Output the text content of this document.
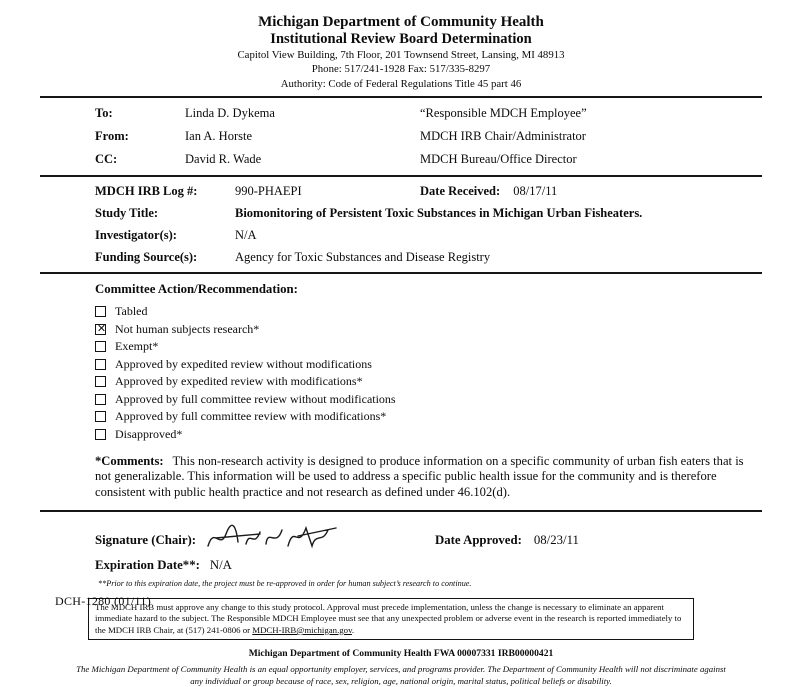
Michigan Department of Community Health
Institutional Review Board Determination
Capitol View Building, 7th Floor, 201 Townsend Street, Lansing, MI 48913
Phone: 517/241-1928 Fax: 517/335-8297
Authority: Code of Federal Regulations Title 45 part 46
To:	Linda D. Dykema	“Responsible MDCH Employee”
From:	Ian A. Horste	MDCH IRB Chair/Administrator
CC:	David R. Wade	MDCH Bureau/Office Director
MDCH IRB Log #:	990-PHAEPI	Date Received: 08/17/11
Study Title:	Biomonitoring of Persistent Toxic Substances in Michigan Urban Fisheaters.
Investigator(s):	N/A
Funding Source(s):	Agency for Toxic Substances and Disease Registry
Committee Action/Recommendation:
Tabled
✕
Not human subjects research*
Exempt*
Approved by expedited review without modifications
Approved by expedited review with modifications*
Approved by full committee review without modifications
Approved by full committee review with modifications*
Disapproved*

*Comments: This non-research activity is designed to produce information on a specific community of urban fish eaters that is not generalizable. This information will be used to address a specific public health issue for the community and is therefore consistent with public health practice and not research as defined under 46.102(d).

Signature (Chair):	Date Approved: 08/23/11
Expiration Date**: N/A
**Prior to this expiration date, the project must be re-approved in order for human subject’s research to continue.
The MDCH IRB must approve any change to this study protocol. Approval must precede implementation, unless the change is necessary to eliminate an apparent immediate hazard to the subject. The Responsible MDCH Employee must see that any unexpected problem or adverse event in the research is reported immediately to the MDCH IRB Chair, at (517) 241-0806 or MDCH-IRB@michigan.gov.
Michigan Department of Community Health FWA 00007331 IRB00000421
The Michigan Department of Community Health is an equal opportunity employer, services, and programs provider. The Department of Community Health will not discriminate against any individual or group because of race, sex, religion, age, national origin, marital status, political beliefs or disability.
DCH-1280 (01/11)
